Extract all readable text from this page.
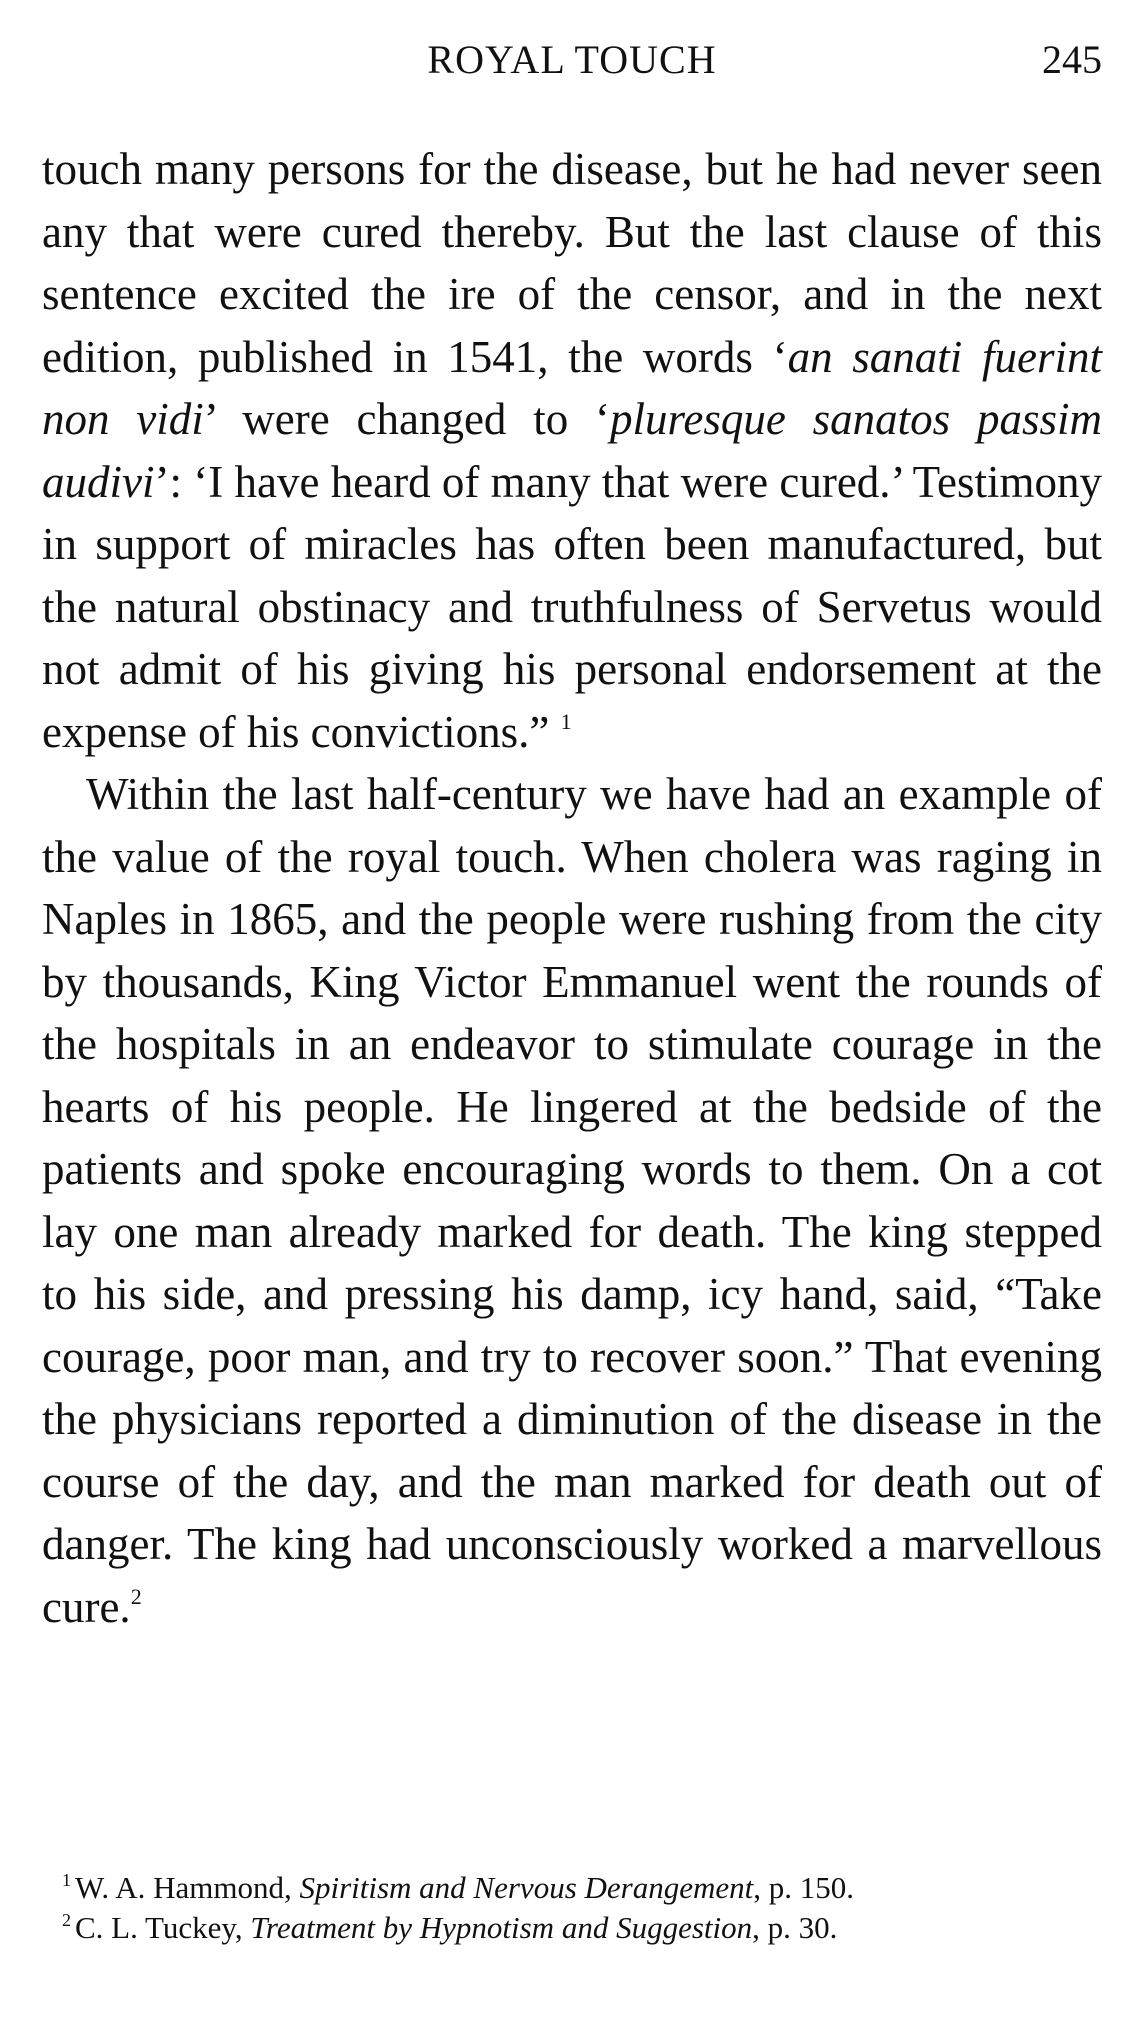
ROYAL TOUCH	245

touch many persons for the disease, but he had never seen any that were cured thereby. But the last clause of this sentence excited the ire of the censor, and in the next edition, published in 1541, the words ‘an sanati fuerint non vidi’ were changed to ‘pluresque sanatos passim audivi’: ‘I have heard of many that were cured.’ Testimony in support of miracles has often been manufactured, but the natural obstinacy and truthfulness of Servetus would not admit of his giving his personal endorsement at the expense of his convictions.” $^1$

Within the last half-century we have had an example of the value of the royal touch. When cholera was raging in Naples in 1865, and the people were rushing from the city by thousands, King Victor Emmanuel went the rounds of the hospitals in an endeavor to stimulate courage in the hearts of his people. He lingered at the bedside of the patients and spoke encouraging words to them. On a cot lay one man already marked for death. The king stepped to his side, and pressing his damp, icy hand, said, “Take courage, poor man, and try to recover soon.” That evening the physicians reported a diminution of the disease in the course of the day, and the man marked for death out of danger. The king had unconsciously worked a marvellous cure.$^2$

$^1$ W. A. Hammond, Spiritism and Nervous Derangement, p. 150.

$^2$ C. L. Tuckey, Treatment by Hypnotism and Suggestion, p. 30.
